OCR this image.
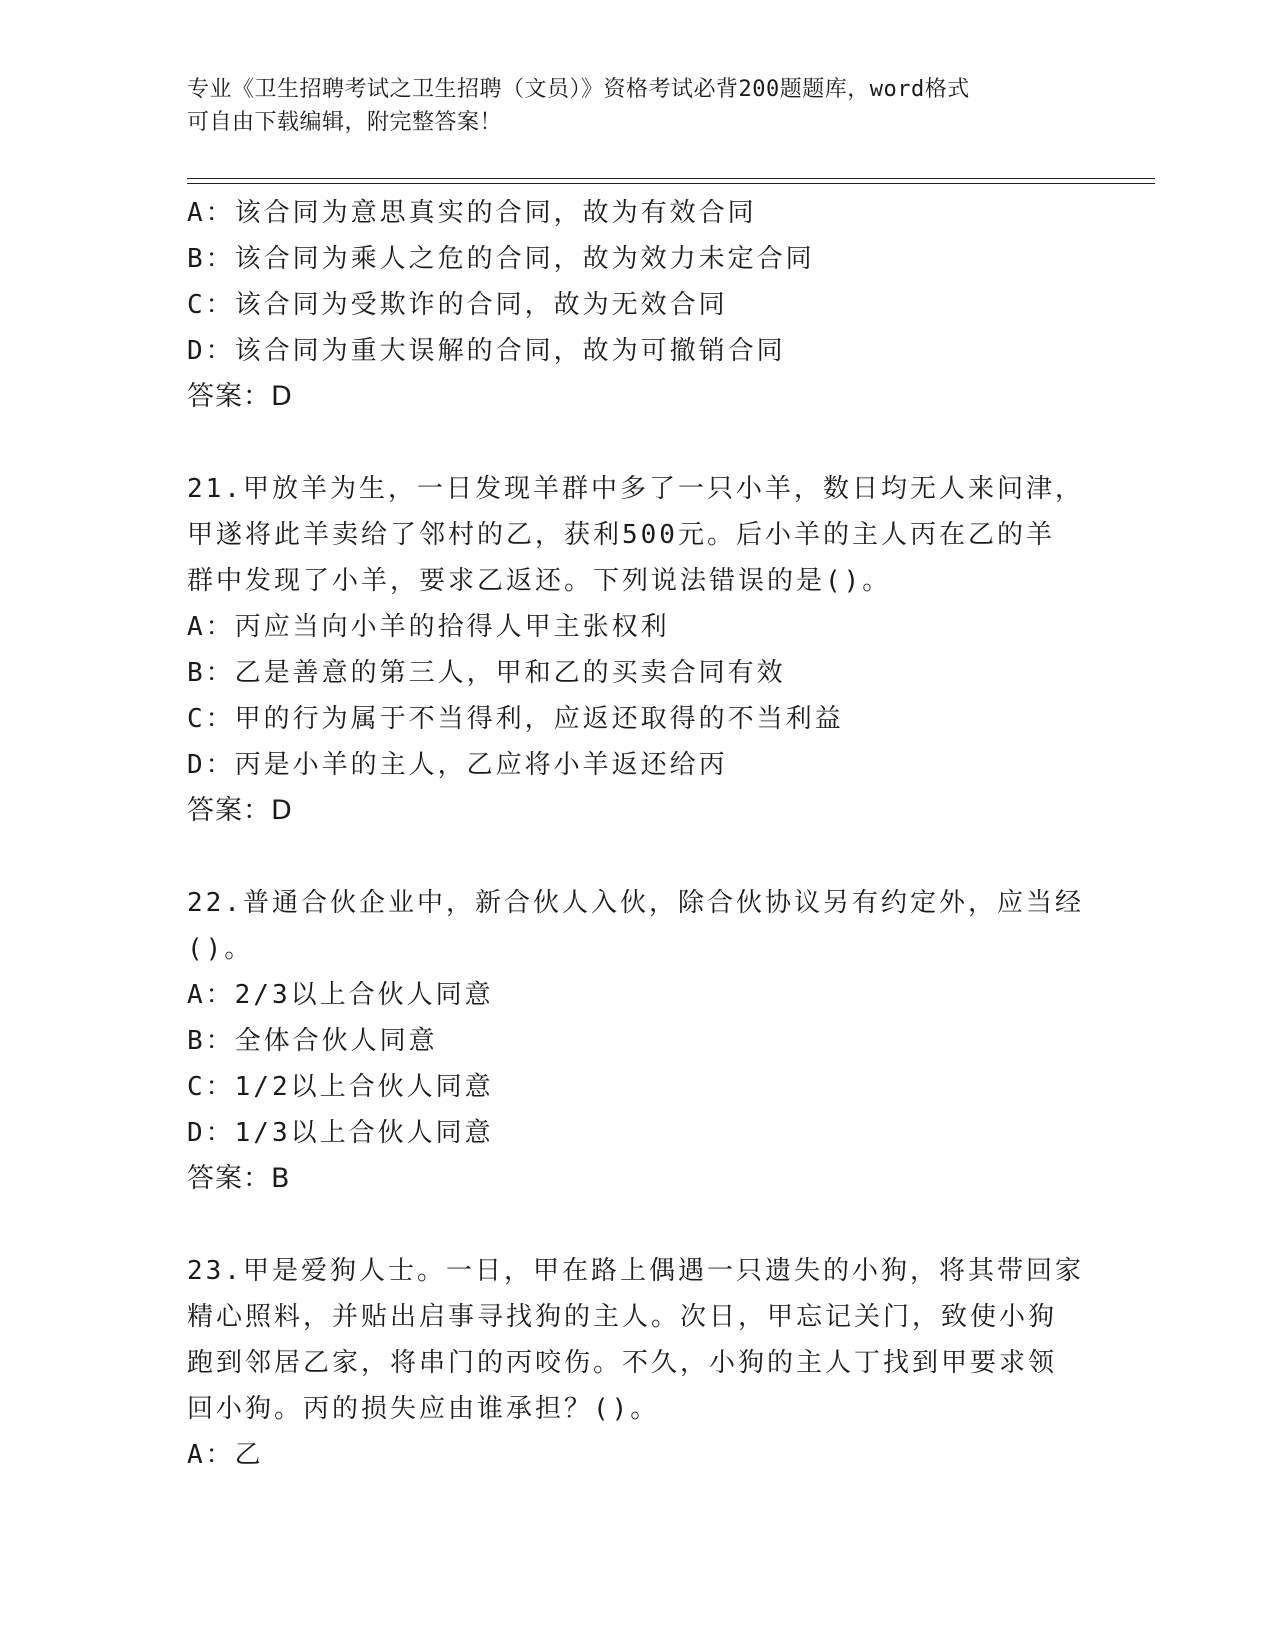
专业《卫生招聘考试之卫生招聘（文员）》资格考试必背200题题库，word格式
可自由下载编辑，附完整答案！
A：该合同为意思真实的合同，故为有效合同
B：该合同为乘人之危的合同，故为效力未定合同
C：该合同为受欺诈的合同，故为无效合同
D：该合同为重大误解的合同，故为可撤销合同
答案：D
21.甲放羊为生，一日发现羊群中多了一只小羊，数日均无人来问津，
甲遂将此羊卖给了邻村的乙，获利500元。后小羊的主人丙在乙的羊
群中发现了小羊，要求乙返还。下列说法错误的是()。
A：丙应当向小羊的拾得人甲主张权利
B：乙是善意的第三人，甲和乙的买卖合同有效
C：甲的行为属于不当得利，应返还取得的不当利益
D：丙是小羊的主人，乙应将小羊返还给丙
答案：D
22.普通合伙企业中，新合伙人入伙，除合伙协议另有约定外，应当经
()。
A：2/3以上合伙人同意
B：全体合伙人同意
C：1/2以上合伙人同意
D：1/3以上合伙人同意
答案：B
23.甲是爱狗人士。一日，甲在路上偶遇一只遗失的小狗，将其带回家
精心照料，并贴出启事寻找狗的主人。次日，甲忘记关门，致使小狗
跑到邻居乙家，将串门的丙咬伤。不久，小狗的主人丁找到甲要求领
回小狗。丙的损失应由谁承担？()。
A：乙
